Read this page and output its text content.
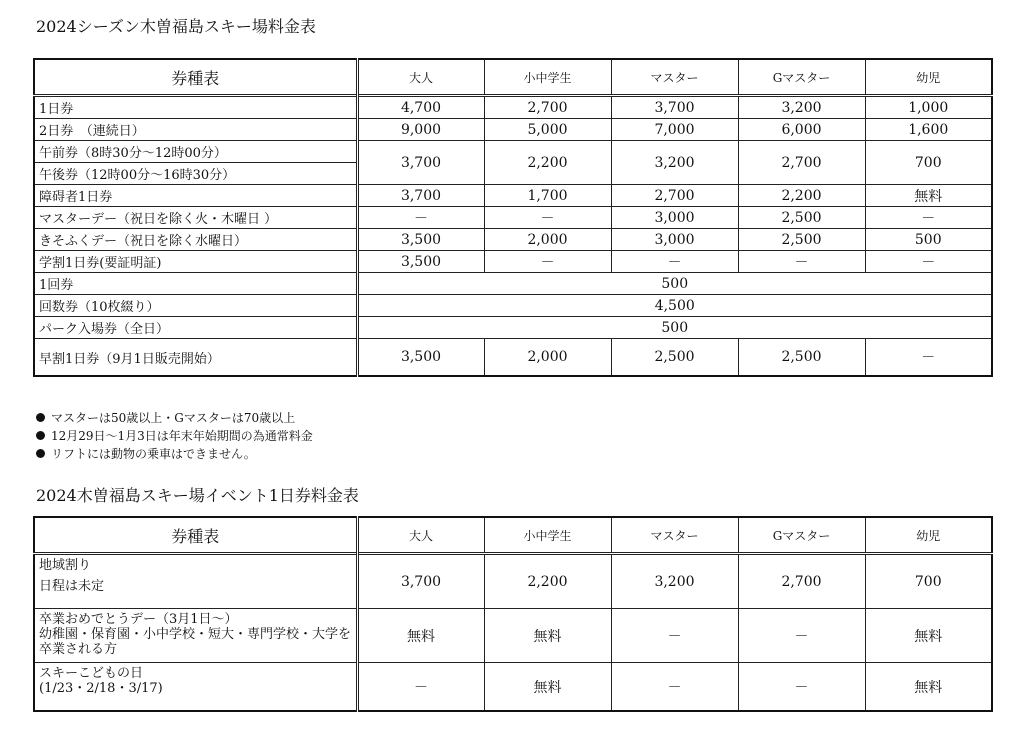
2024シーズン木曽福島スキー場料金表
券種表	大人	小中学生	マスター	Gマスター	幼児
1日券	4,700	2,700	3,700	3,200	1,000
2日券　（連続日）	9,000	5,000	7,000	6,000	1,600
午前券（8時30分～12時00分）	3,700	2,200	3,200	2,700	700
午後券（12時00分～16時30分）					
障碍者1日券	3,700	1,700	2,700	2,200	無料
マスターデー（祝日を除く火・木曜日 ）	－	－	3,000	2,500	－
きそふくデー（祝日を除く水曜日）	3,500	2,000	3,000	2,500	500
学割1日券(要証明証)	3,500	－	－	－	－
1回券	500				
回数券（10枚綴り）	4,500				
パーク入場券（全日）	500				
早割1日券（9月1日販売開始）	3,500	2,000	2,500	2,500	－
マスターは50歳以上・Gマスターは70歳以上
12月29日～1月3日は年末年始期間の為通常料金
リフトには動物の乗車はできません。
2024木曽福島スキー場イベント1日券料金表
券種表	大人	小中学生	マスター	Gマスター	幼児

地域割り
日程は未定	3,700	2,200	3,200	2,700	700

卒業おめでとうデー（3月1日～）
幼稚園・保育園・小中学校・短大・専門学校・大学を卒業される方	無料	無料	－	－	無料

スキーこどもの日
(1/23・2/18・3/17)	－	無料	－	－	無料
